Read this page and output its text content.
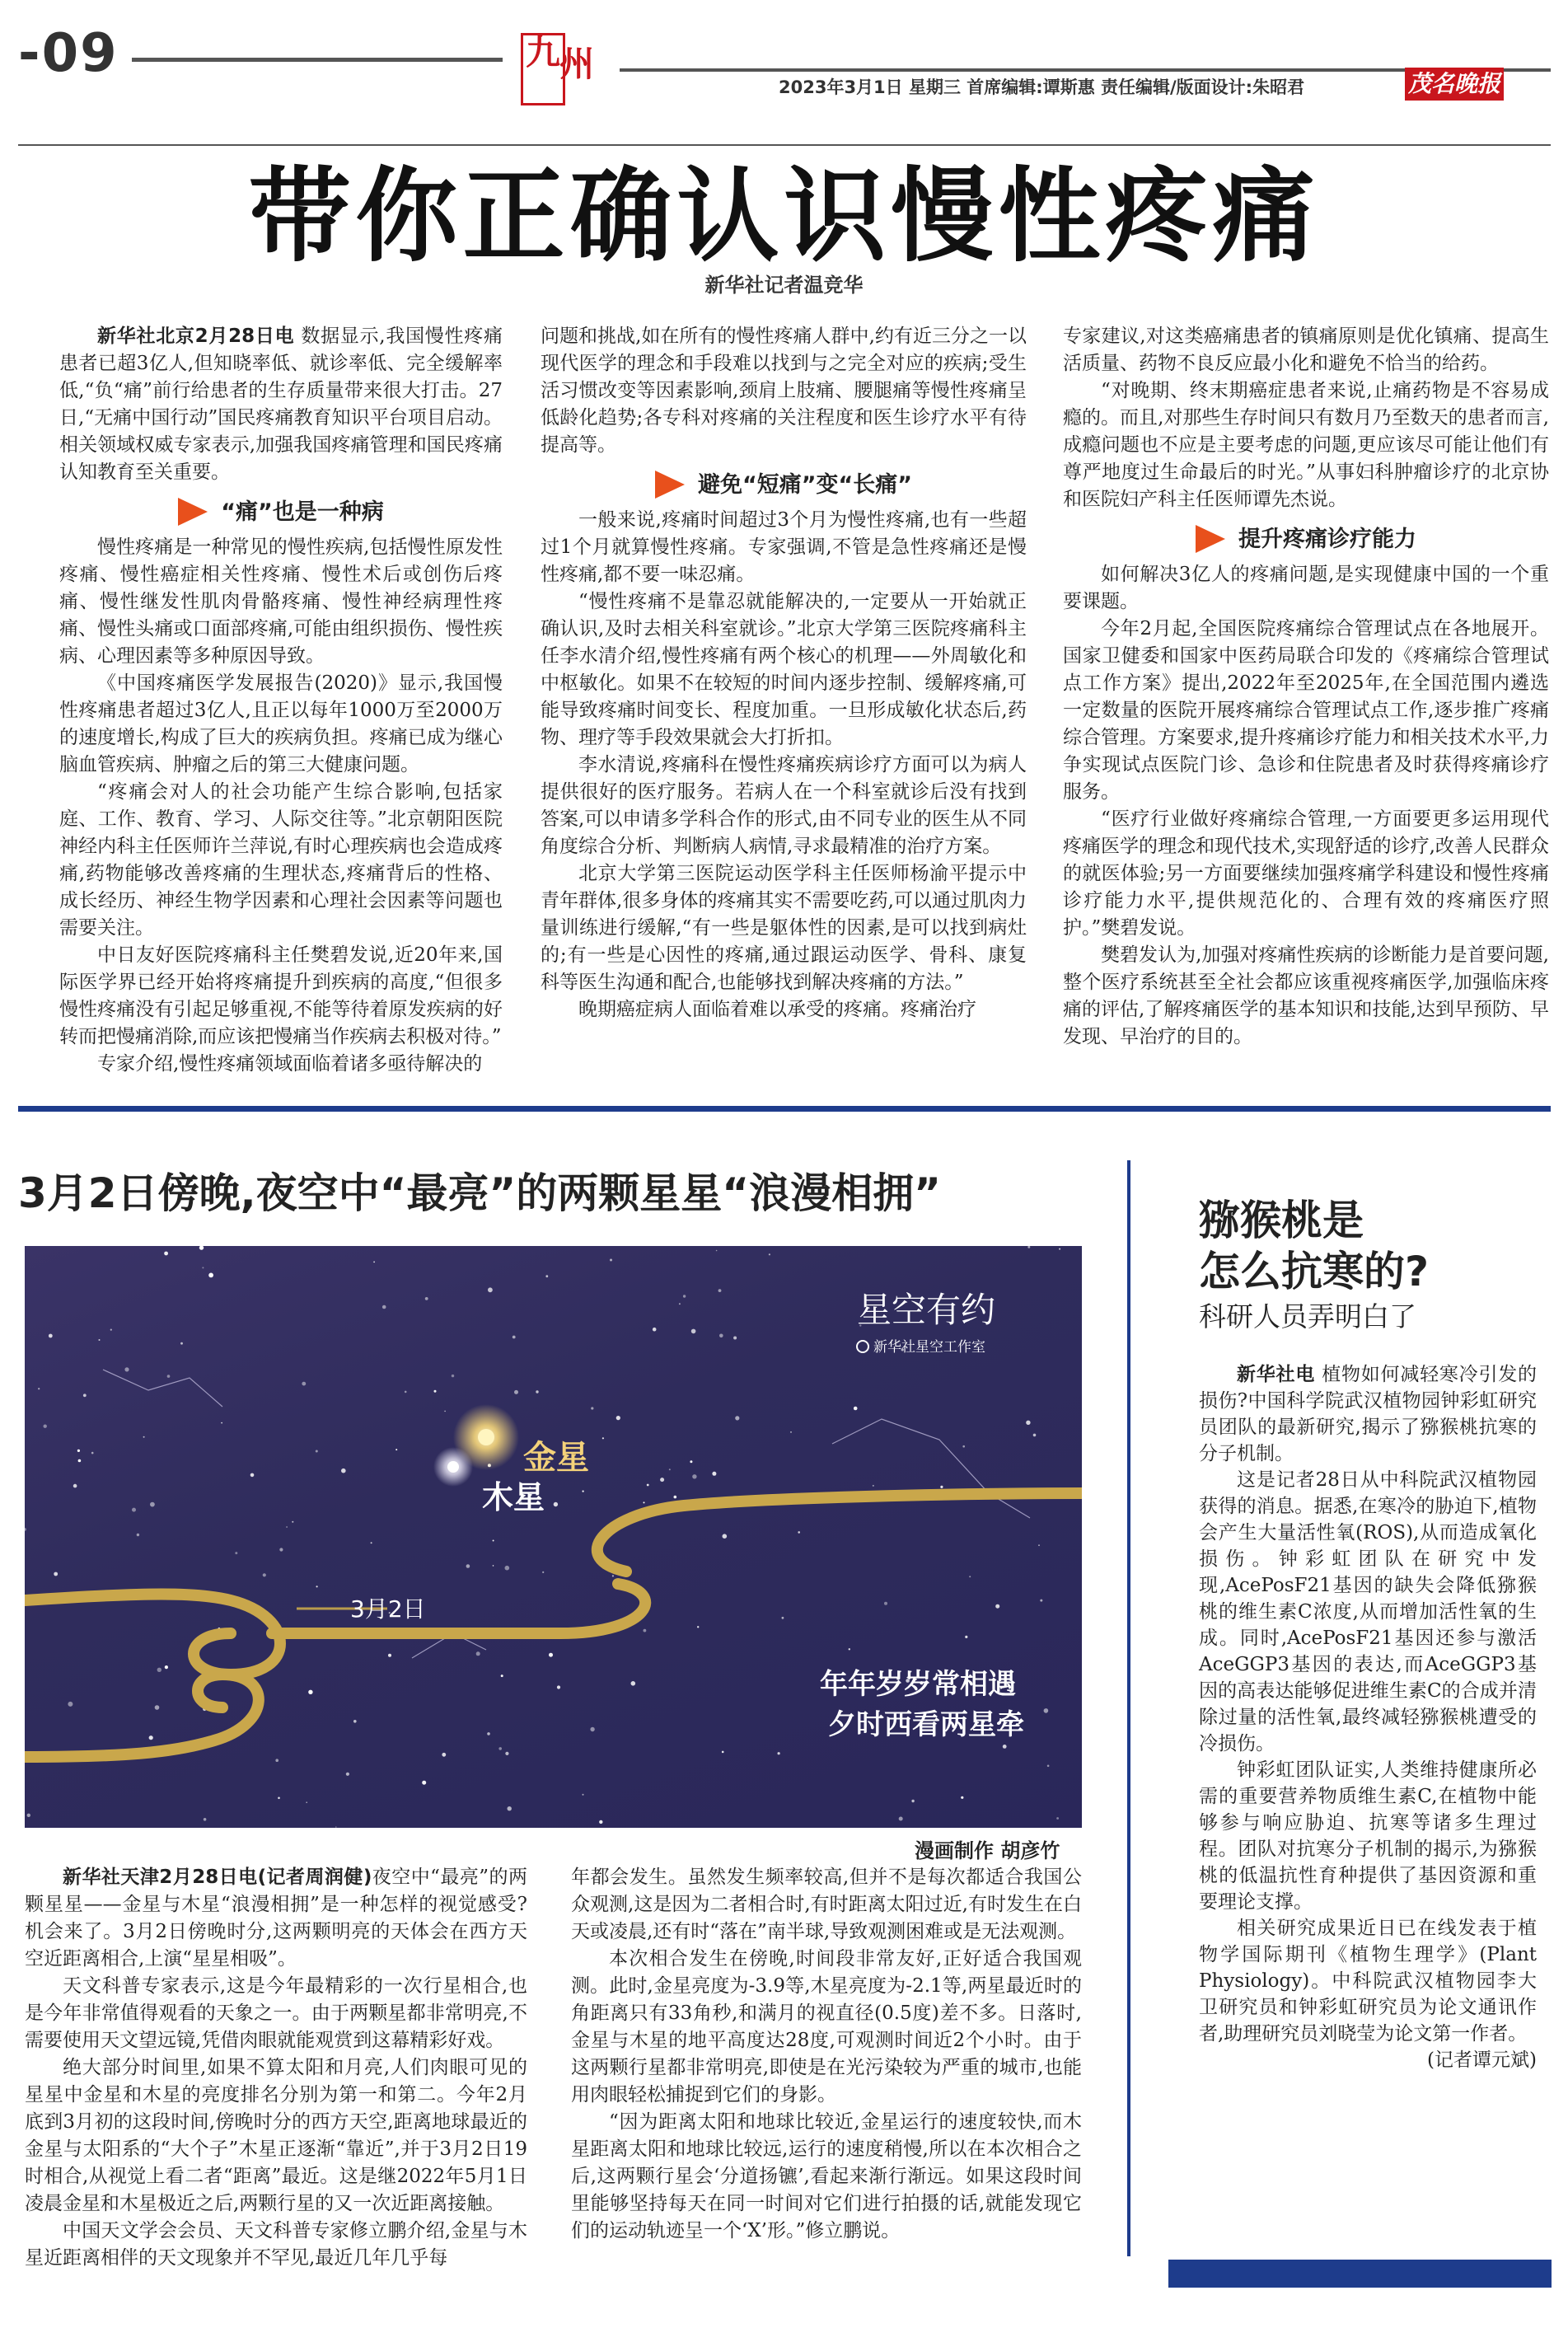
-09	九 州
2023年3月1日 星期三 首席编辑:谭斯惠 责任编辑/版面设计:朱昭君	茂名晚报
带你正确认识慢性疼痛
新华社记者温竞华

新华社北京2月28日电 数据显示,我国慢性疼痛患者已超3亿人,但知晓率低、就诊率低、完全缓解率低,“负“痛”前行给患者的生存质量带来很大打击。27日,“无痛中国行动”国民疼痛教育知识平台项目启动。相关领域权威专家表示,加强我国疼痛管理和国民疼痛认知教育至关重要。

“痛”也是一种病

慢性疼痛是一种常见的慢性疾病,包括慢性原发性疼痛、慢性癌症相关性疼痛、慢性术后或创伤后疼痛、慢性继发性肌肉骨骼疼痛、慢性神经病理性疼痛、慢性头痛或口面部疼痛,可能由组织损伤、慢性疾病、心理因素等多种原因导致。

《中国疼痛医学发展报告(2020)》显示,我国慢性疼痛患者超过3亿人,且正以每年1000万至2000万的速度增长,构成了巨大的疾病负担。疼痛已成为继心脑血管疾病、肿瘤之后的第三大健康问题。

“疼痛会对人的社会功能产生综合影响,包括家庭、工作、教育、学习、人际交往等。”北京朝阳医院神经内科主任医师许兰萍说,有时心理疾病也会造成疼痛,药物能够改善疼痛的生理状态,疼痛背后的性格、成长经历、神经生物学因素和心理社会因素等问题也需要关注。

中日友好医院疼痛科主任樊碧发说,近20年来,国际医学界已经开始将疼痛提升到疾病的高度,“但很多慢性疼痛没有引起足够重视,不能等待着原发疾病的好转而把慢痛消除,而应该把慢痛当作疾病去积极对待。”

专家介绍,慢性疼痛领域面临着诸多亟待解决的

问题和挑战,如在所有的慢性疼痛人群中,约有近三分之一以现代医学的理念和手段难以找到与之完全对应的疾病;受生活习惯改变等因素影响,颈肩上肢痛、腰腿痛等慢性疼痛呈低龄化趋势;各专科对疼痛的关注程度和医生诊疗水平有待提高等。

避免“短痛”变“长痛”

一般来说,疼痛时间超过3个月为慢性疼痛,也有一些超过1个月就算慢性疼痛。专家强调,不管是急性疼痛还是慢性疼痛,都不要一味忍痛。

“慢性疼痛不是靠忍就能解决的,一定要从一开始就正确认识,及时去相关科室就诊。”北京大学第三医院疼痛科主任李水清介绍,慢性疼痛有两个核心的机理——外周敏化和中枢敏化。如果不在较短的时间内逐步控制、缓解疼痛,可能导致疼痛时间变长、程度加重。一旦形成敏化状态后,药物、理疗等手段效果就会大打折扣。

李水清说,疼痛科在慢性疼痛疾病诊疗方面可以为病人提供很好的医疗服务。若病人在一个科室就诊后没有找到答案,可以申请多学科合作的形式,由不同专业的医生从不同角度综合分析、判断病人病情,寻求最精准的治疗方案。

北京大学第三医院运动医学科主任医师杨渝平提示中青年群体,很多身体的疼痛其实不需要吃药,可以通过肌肉力量训练进行缓解,“有一些是躯体性的因素,是可以找到病灶的;有一些是心因性的疼痛,通过跟运动医学、骨科、康复科等医生沟通和配合,也能够找到解决疼痛的方法。”

晚期癌症病人面临着难以承受的疼痛。疼痛治疗

专家建议,对这类癌痛患者的镇痛原则是优化镇痛、提高生活质量、药物不良反应最小化和避免不恰当的给药。

“对晚期、终末期癌症患者来说,止痛药物是不容易成瘾的。而且,对那些生存时间只有数月乃至数天的患者而言,成瘾问题也不应是主要考虑的问题,更应该尽可能让他们有尊严地度过生命最后的时光。”从事妇科肿瘤诊疗的北京协和医院妇产科主任医师谭先杰说。

提升疼痛诊疗能力

如何解决3亿人的疼痛问题,是实现健康中国的一个重要课题。

今年2月起,全国医院疼痛综合管理试点在各地展开。国家卫健委和国家中医药局联合印发的《疼痛综合管理试点工作方案》提出,2022年至2025年,在全国范围内遴选一定数量的医院开展疼痛综合管理试点工作,逐步推广疼痛综合管理。方案要求,提升疼痛诊疗能力和相关技术水平,力争实现试点医院门诊、急诊和住院患者及时获得疼痛诊疗服务。

“医疗行业做好疼痛综合管理,一方面要更多运用现代疼痛医学的理念和现代技术,实现舒适的诊疗,改善人民群众的就医体验;另一方面要继续加强疼痛学科建设和慢性疼痛诊疗能力水平,提供规范化的、合理有效的疼痛医疗照护。”樊碧发说。

樊碧发认为,加强对疼痛性疾病的诊断能力是首要问题,整个医疗系统甚至全社会都应该重视疼痛医学,加强临床疼痛的评估,了解疼痛医学的基本知识和技能,达到早预防、早发现、早治疗的目的。

3月2日傍晚,夜空中“最亮”的两颗星星“浪漫相拥”
金星
木星
3月2日
星空有约
新华社星空工作室
年年岁岁常相遇
夕时西看两星牵
漫画制作 胡彦竹

新华社天津2月28日电(记者周润健)夜空中“最亮”的两颗星星——金星与木星“浪漫相拥”是一种怎样的视觉感受?机会来了。3月2日傍晚时分,这两颗明亮的天体会在西方天空近距离相合,上演“星星相吸”。

天文科普专家表示,这是今年最精彩的一次行星相合,也是今年非常值得观看的天象之一。由于两颗星都非常明亮,不需要使用天文望远镜,凭借肉眼就能观赏到这幕精彩好戏。

绝大部分时间里,如果不算太阳和月亮,人们肉眼可见的星星中金星和木星的亮度排名分别为第一和第二。今年2月底到3月初的这段时间,傍晚时分的西方天空,距离地球最近的金星与太阳系的“大个子”木星正逐渐“靠近”,并于3月2日19时相合,从视觉上看二者“距离”最近。这是继2022年5月1日凌晨金星和木星极近之后,两颗行星的又一次近距离接触。

中国天文学会会员、天文科普专家修立鹏介绍,金星与木星近距离相伴的天文现象并不罕见,最近几年几乎每

年都会发生。虽然发生频率较高,但并不是每次都适合我国公众观测,这是因为二者相合时,有时距离太阳过近,有时发生在白天或凌晨,还有时“落在”南半球,导致观测困难或是无法观测。

本次相合发生在傍晚,时间段非常友好,正好适合我国观测。此时,金星亮度为-3.9等,木星亮度为-2.1等,两星最近时的角距离只有33角秒,和满月的视直径(0.5度)差不多。日落时,金星与木星的地平高度达28度,可观测时间近2个小时。由于这两颗行星都非常明亮,即使是在光污染较为严重的城市,也能用肉眼轻松捕捉到它们的身影。

“因为距离太阳和地球比较近,金星运行的速度较快,而木星距离太阳和地球比较远,运行的速度稍慢,所以在本次相合之后,这两颗行星会‘分道扬镳’,看起来渐行渐远。如果这段时间里能够坚持每天在同一时间对它们进行拍摄的话,就能发现它们的运动轨迹呈一个‘X’形。”修立鹏说。

猕猴桃是
怎么抗寒的?
科研人员弄明白了

新华社电 植物如何减轻寒冷引发的损伤?中国科学院武汉植物园钟彩虹研究员团队的最新研究,揭示了猕猴桃抗寒的分子机制。

这是记者28日从中科院武汉植物园获得的消息。据悉,在寒冷的胁迫下,植物会产生大量活性氧(ROS),从而造成氧化损伤。钟彩虹团队在研究中发现,AcePosF21基因的缺失会降低猕猴桃的维生素C浓度,从而增加活性氧的生成。同时,AcePosF21基因还参与激活AceGGP3基因的表达,而AceGGP3基因的高表达能够促进维生素C的合成并清除过量的活性氧,最终减轻猕猴桃遭受的冷损伤。

钟彩虹团队证实,人类维持健康所必需的重要营养物质维生素C,在植物中能够参与响应胁迫、抗寒等诸多生理过程。团队对抗寒分子机制的揭示,为猕猴桃的低温抗性育种提供了基因资源和重要理论支撑。

相关研究成果近日已在线发表于植物学国际期刊《植物生理学》(Plant Physiology)。中科院武汉植物园李大卫研究员和钟彩虹研究员为论文通讯作者,助理研究员刘晓莹为论文第一作者。

(记者谭元斌)
